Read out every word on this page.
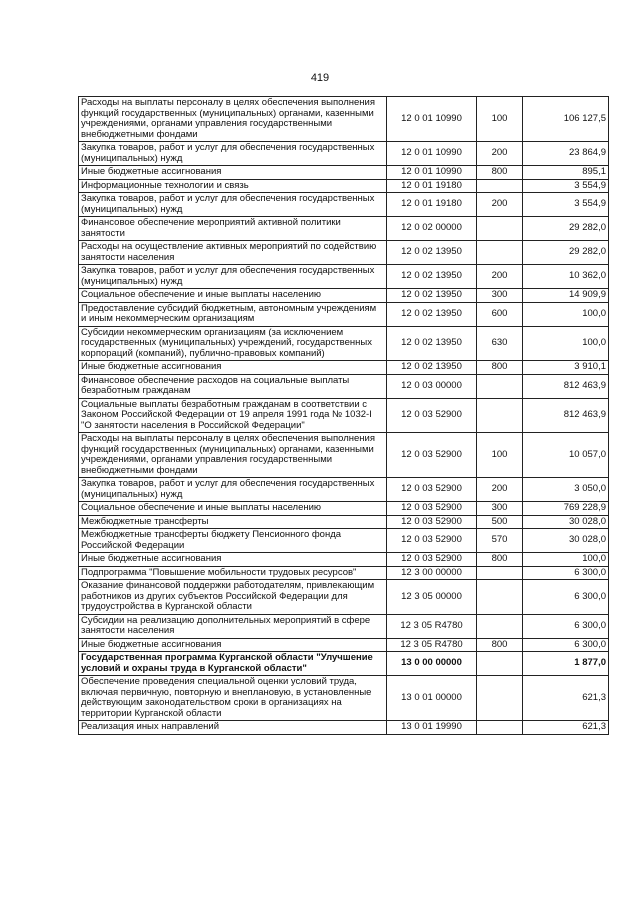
419
Расходы на выплаты персоналу в целях обеспечения выполнения функций государственных (муниципальных) органами, казенными учреждениями, органами управления государственными внебюджетными фондами	12 0 01 10990	100	106 127,5
Закупка товаров, работ и услуг для обеспечения государственных (муниципальных) нужд	12 0 01 10990	200	23 864,9
Иные бюджетные ассигнования	12 0 01 10990	800	895,1
Информационные технологии и связь	12 0 01 19180		3 554,9
Закупка товаров, работ и услуг для обеспечения государственных (муниципальных) нужд	12 0 01 19180	200	3 554,9
Финансовое обеспечение мероприятий активной политики занятости	12 0 02 00000		29 282,0
Расходы на осуществление активных мероприятий по содействию занятости населения	12 0 02 13950		29 282,0
Закупка товаров, работ и услуг для обеспечения государственных (муниципальных) нужд	12 0 02 13950	200	10 362,0
Социальное обеспечение и иные выплаты населению	12 0 02 13950	300	14 909,9
Предоставление субсидий бюджетным, автономным учреждениям и иным некоммерческим организациям	12 0 02 13950	600	100,0
Субсидии некоммерческим организациям (за исключением государственных (муниципальных) учреждений, государственных корпораций (компаний), публично-правовых компаний)	12 0 02 13950	630	100,0
Иные бюджетные ассигнования	12 0 02 13950	800	3 910,1
Финансовое обеспечение расходов на социальные выплаты безработным гражданам	12 0 03 00000		812 463,9
Социальные выплаты безработным гражданам в соответствии с Законом Российской Федерации от 19 апреля 1991 года № 1032-I "О занятости населения в Российской Федерации"	12 0 03 52900		812 463,9
Расходы на выплаты персоналу в целях обеспечения выполнения функций государственных (муниципальных) органами, казенными учреждениями, органами управления государственными внебюджетными фондами	12 0 03 52900	100	10 057,0
Закупка товаров, работ и услуг для обеспечения государственных (муниципальных) нужд	12 0 03 52900	200	3 050,0
Социальное обеспечение и иные выплаты населению	12 0 03 52900	300	769 228,9
Межбюджетные трансферты	12 0 03 52900	500	30 028,0
Межбюджетные трансферты бюджету Пенсионного фонда Российской Федерации	12 0 03 52900	570	30 028,0
Иные бюджетные ассигнования	12 0 03 52900	800	100,0
Подпрограмма "Повышение мобильности трудовых ресурсов"	12 3 00 00000		6 300,0
Оказание финансовой поддержки работодателям, привлекающим работников из других субъектов Российской Федерации для трудоустройства в Курганской области	12 3 05 00000		6 300,0
Субсидии на реализацию дополнительных мероприятий в сфере занятости населения	12 3 05 R4780		6 300,0
Иные бюджетные ассигнования	12 3 05 R4780	800	6 300,0
Государственная программа Курганской области "Улучшение условий и охраны труда в Курганской области"	13 0 00 00000		1 877,0
Обеспечение проведения специальной оценки условий труда, включая первичную, повторную и внеплановую, в установленные действующим законодательством сроки в организациях на территории Курганской области	13 0 01 00000		621,3
Реализация иных направлений	13 0 01 19990		621,3
